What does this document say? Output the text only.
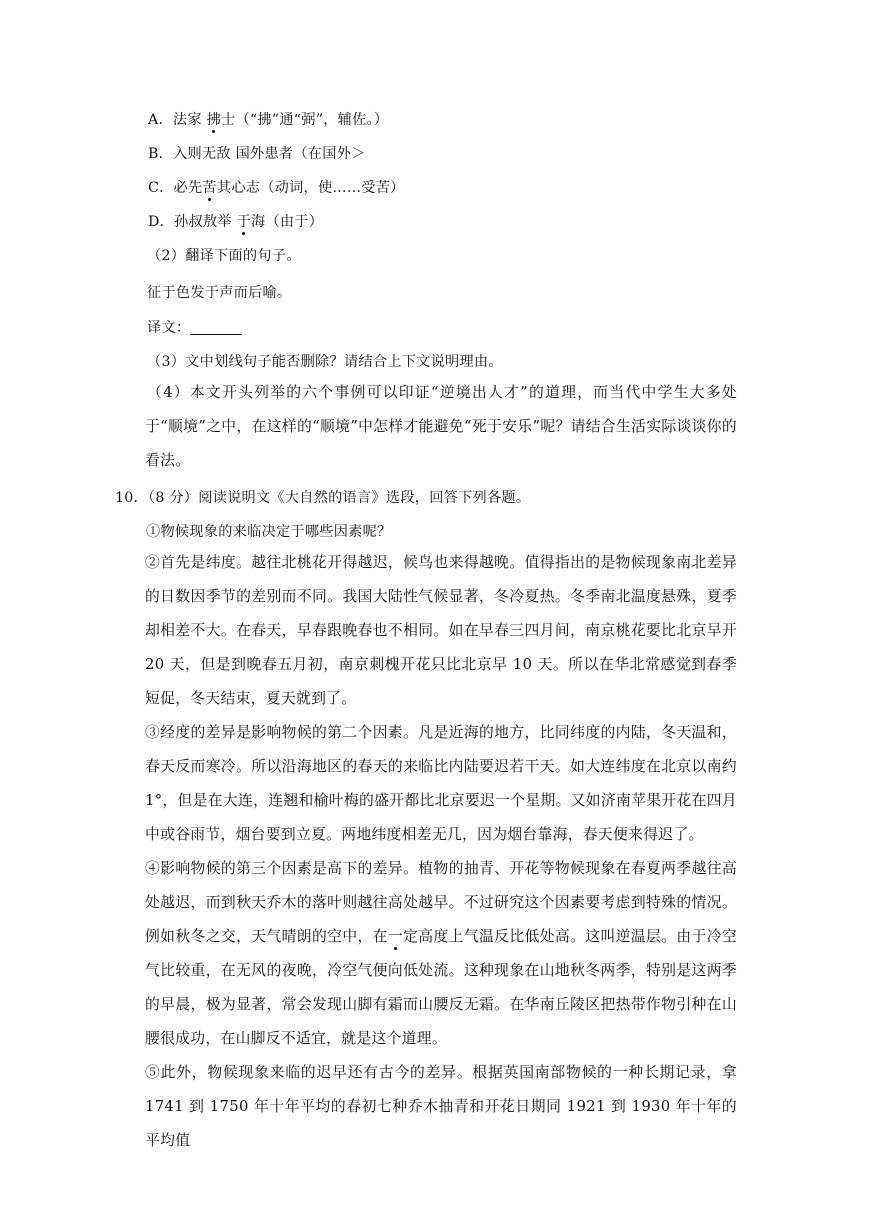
A．法家 拂士（“拂”通“弼”，辅佐。）
B．入则无敌 国外患者（在国外＞
C．必先苦其心志（动词，使……受苦）
D．孙叔敖举 于海（由于）
（2）翻译下面的句子。
征于色发于声而后喻。
译文：
（3）文中划线句子能否删除？请结合上下文说明理由。
（4）本文开头列举的六个事例可以印证“逆境出人才”的道理，而当代中学生大多处于“顺境”之中，在这样的“顺境”中怎样才能避免“死于安乐”呢？请结合生活实际谈谈你的看法。
10．（8 分）阅读说明文《大自然的语言》选段，回答下列各题。
①物候现象的来临决定于哪些因素呢？
②首先是纬度。越往北桃花开得越迟，候鸟也来得越晚。值得指出的是物候现象南北差异的日数因季节的差别而不同。我国大陆性气候显著，冬冷夏热。冬季南北温度悬殊，夏季却相差不大。在春天，早春跟晚春也不相同。如在早春三四月间，南京桃花要比北京早开 20 天，但是到晚春五月初，南京刺槐开花只比北京早 10 天。所以在华北常感觉到春季短促，冬天结束，夏天就到了。
③经度的差异是影响物候的第二个因素。凡是近海的地方，比同纬度的内陆，冬天温和，春天反而寒冷。所以沿海地区的春天的来临比内陆要迟若干天。如大连纬度在北京以南约 1°，但是在大连，连翘和榆叶梅的盛开都比北京要迟一个星期。又如济南苹果开花在四月中或谷雨节，烟台要到立夏。两地纬度相差无几，因为烟台靠海，春天便来得迟了。
④影响物候的第三个因素是高下的差异。植物的抽青、开花等物候现象在春夏两季越往高处越迟，而到秋天乔木的落叶则越往高处越早。不过研究这个因素要考虑到特殊的情况。例如秋冬之交，天气晴朗的空中，在一定高度上气温反比低处高。这叫逆温层。由于冷空气比较重，在无风的夜晚，冷空气便向低处流。这种现象在山地秋冬两季，特别是这两季的早晨，极为显著，常会发现山脚有霜而山腰反无霜。在华南丘陵区把热带作物引种在山腰很成功，在山脚反不适宜，就是这个道理。
⑤此外，物候现象来临的迟早还有古今的差异。根据英国南部物候的一种长期记录，拿 1741 到 1750 年十年平均的春初七种乔木抽青和开花日期同 1921 到 1930 年十年的平均值
